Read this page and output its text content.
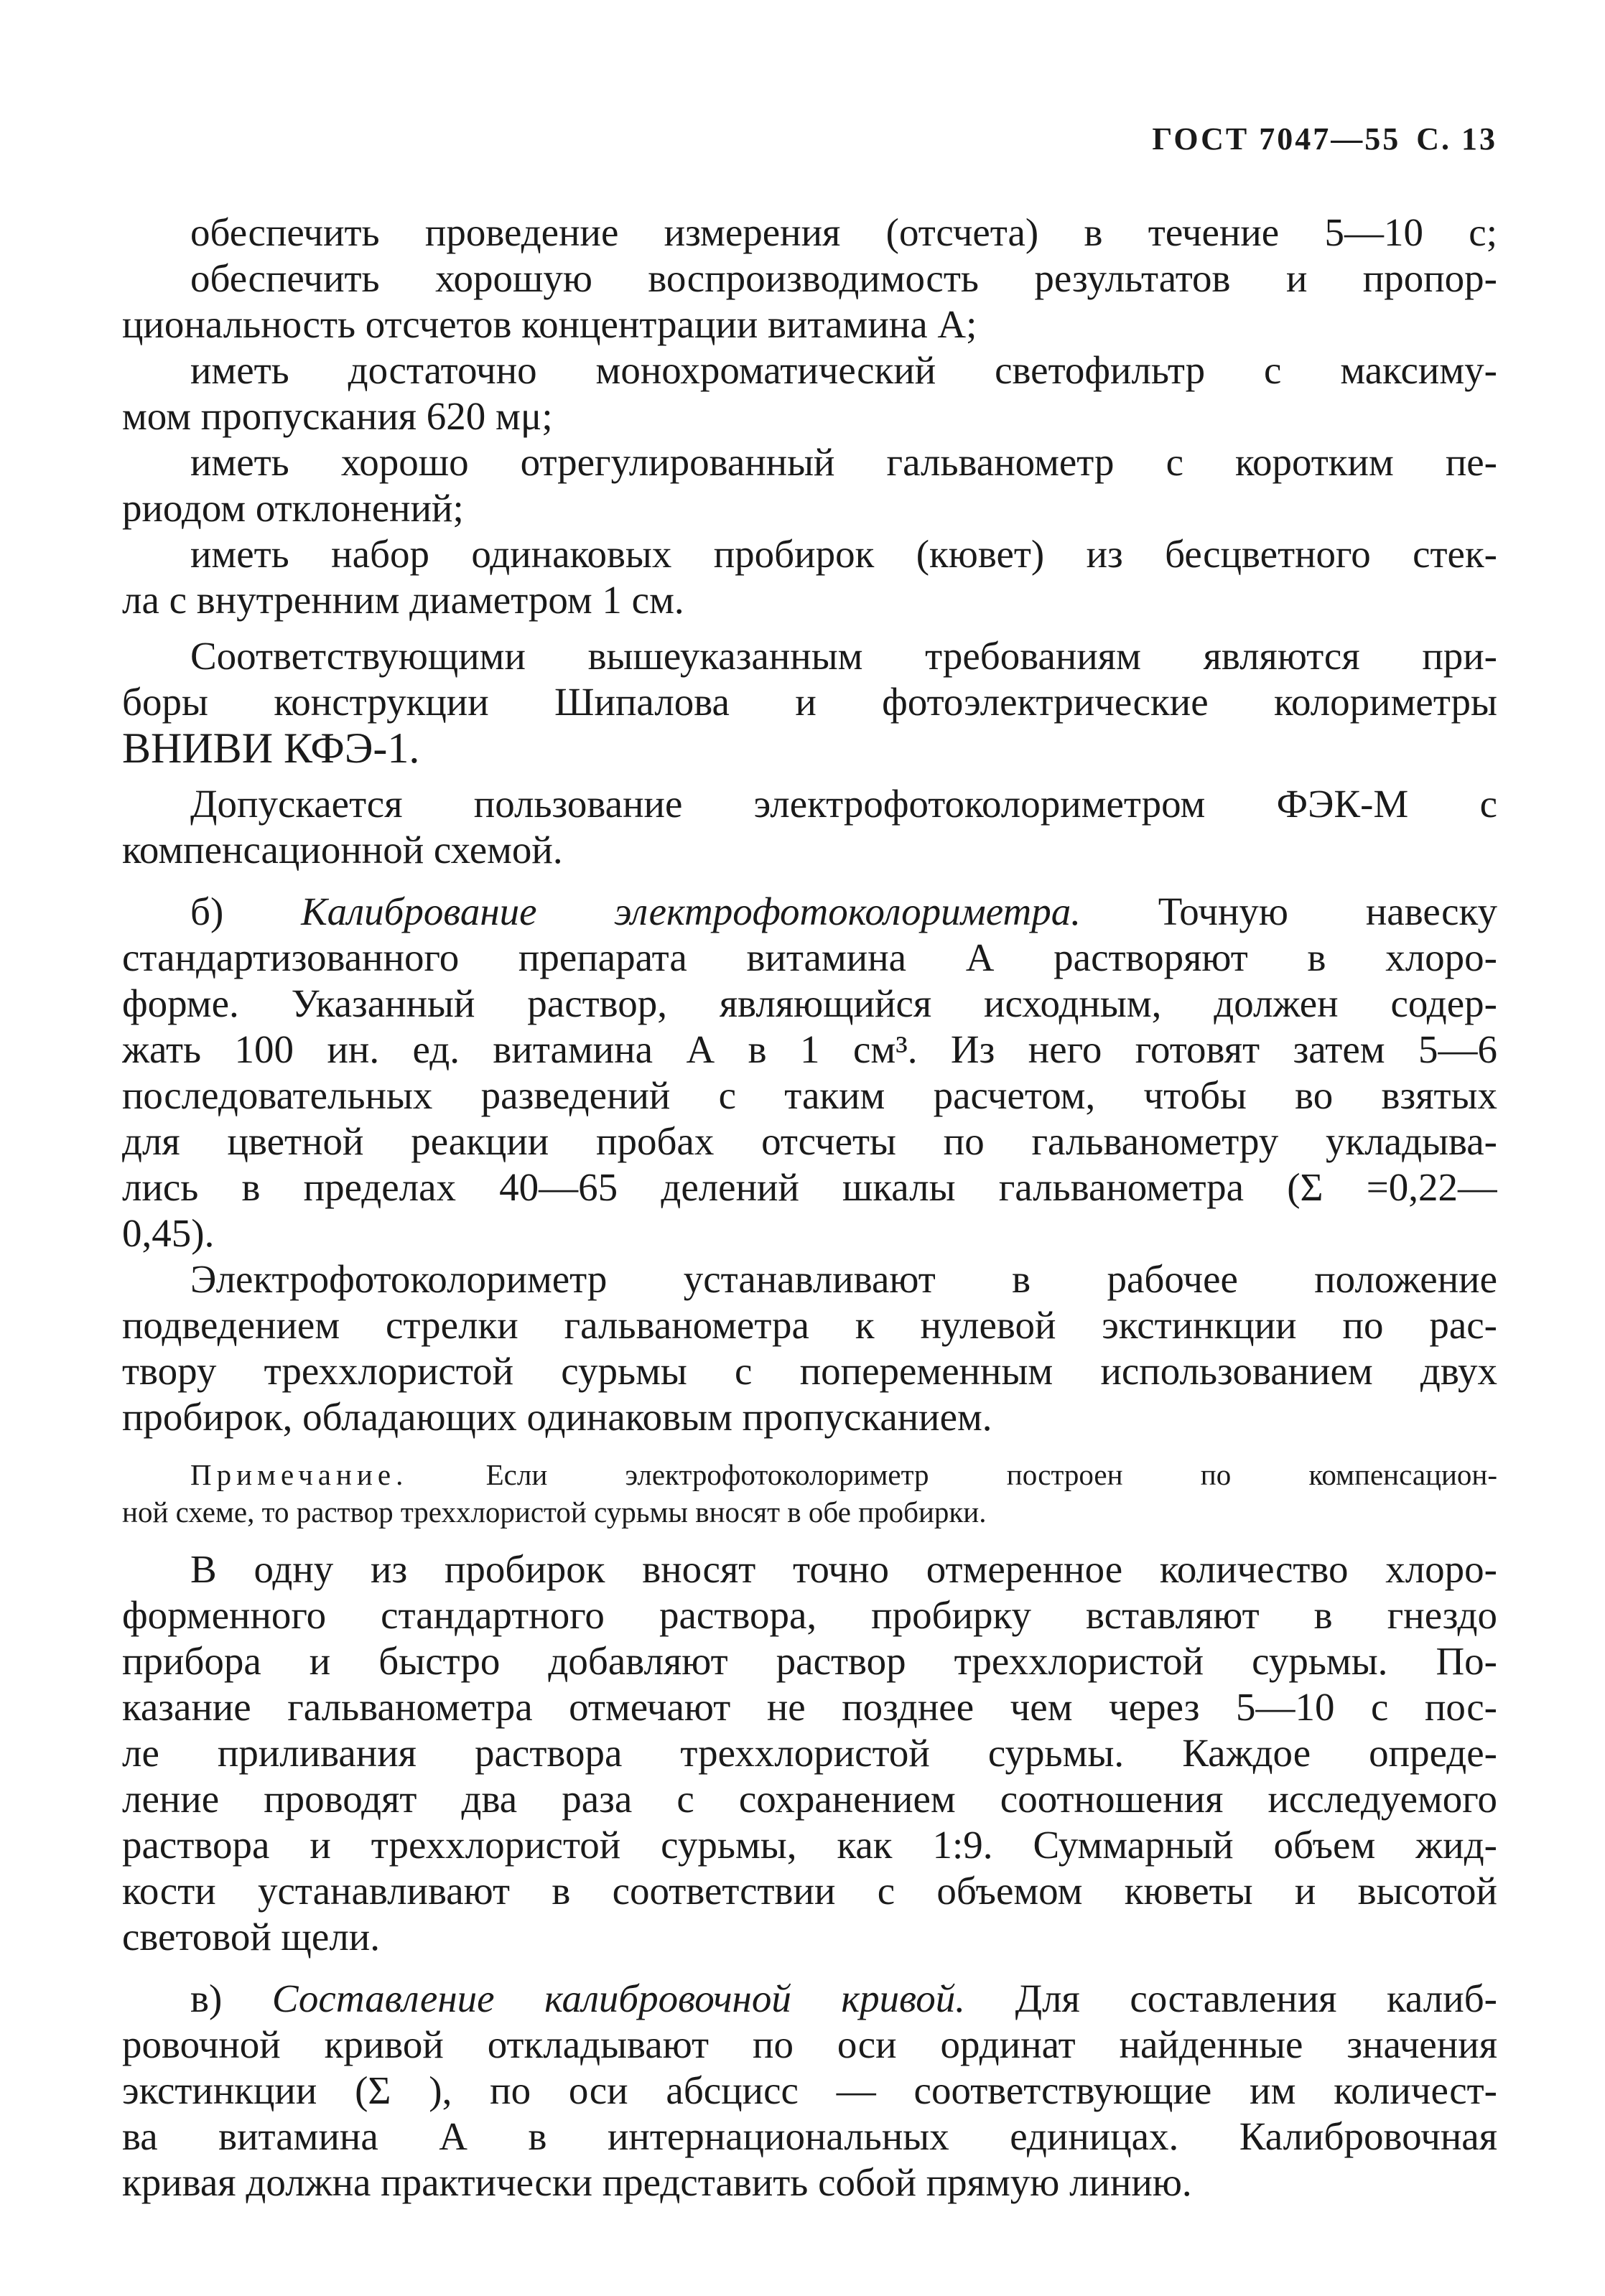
ГОСТ 7047—55 С. 13
обеспечить проведение измерения (отсчета) в течение 5—10 с;
обеспечить хорошую воспроизводимость результатов и пропор-
циональность отсчетов концентрации витамина А;
иметь достаточно монохроматический светофильтр с максиму-
мом пропускания 620 мμ;
иметь хорошо отрегулированный гальванометр с коротким пе-
риодом отклонений;
иметь набор одинаковых пробирок (кювет) из бесцветного стек-
ла с внутренним диаметром 1 см.
Соответствующими вышеуказанным требованиям являются при-
боры конструкции Шипалова и фотоэлектрические колориметры
ВНИВИ КФЭ-1.
Допускается пользование электрофотоколориметром ФЭК-М с
компенсационной схемой.
б) Калибрование электрофотоколориметра. Точную навеску
стандартизованного препарата витамина А растворяют в хлоро-
форме. Указанный раствор, являющийся исходным, должен содер-
жать 100 ин. ед. витамина А в 1 см³. Из него готовят затем 5—6
последовательных разведений с таким расчетом, чтобы во взятых
для цветной реакции пробах отсчеты по гальванометру укладыва-
лись в пределах 40—65 делений шкалы гальванометра (Σ =0,22—
0,45).
Электрофотоколориметр устанавливают в рабочее положение
подведением стрелки гальванометра к нулевой экстинкции по рас-
твору треххлористой сурьмы с попеременным использованием двух
пробирок, обладающих одинаковым пропусканием.
Примечание. Если электрофотоколориметр построен по компенсацион-
ной схеме, то раствор треххлористой сурьмы вносят в обе пробирки.
В одну из пробирок вносят точно отмеренное количество хлоро-
форменного стандартного раствора, пробирку вставляют в гнездо
прибора и быстро добавляют раствор треххлористой сурьмы. По-
казание гальванометра отмечают не позднее чем через 5—10 с пос-
ле приливания раствора треххлористой сурьмы. Каждое опреде-
ление проводят два раза с сохранением соотношения исследуемого
раствора и треххлористой сурьмы, как 1:9. Суммарный объем жид-
кости устанавливают в соответствии с объемом кюветы и высотой
световой щели.
в) Составление калибровочной кривой. Для составления калиб-
ровочной кривой откладывают по оси ординат найденные значения
экстинкции (Σ ), по оси абсцисс — соответствующие им количест-
ва витамина А в интернациональных единицах. Калибровочная
кривая должна практически представить собой прямую линию.
